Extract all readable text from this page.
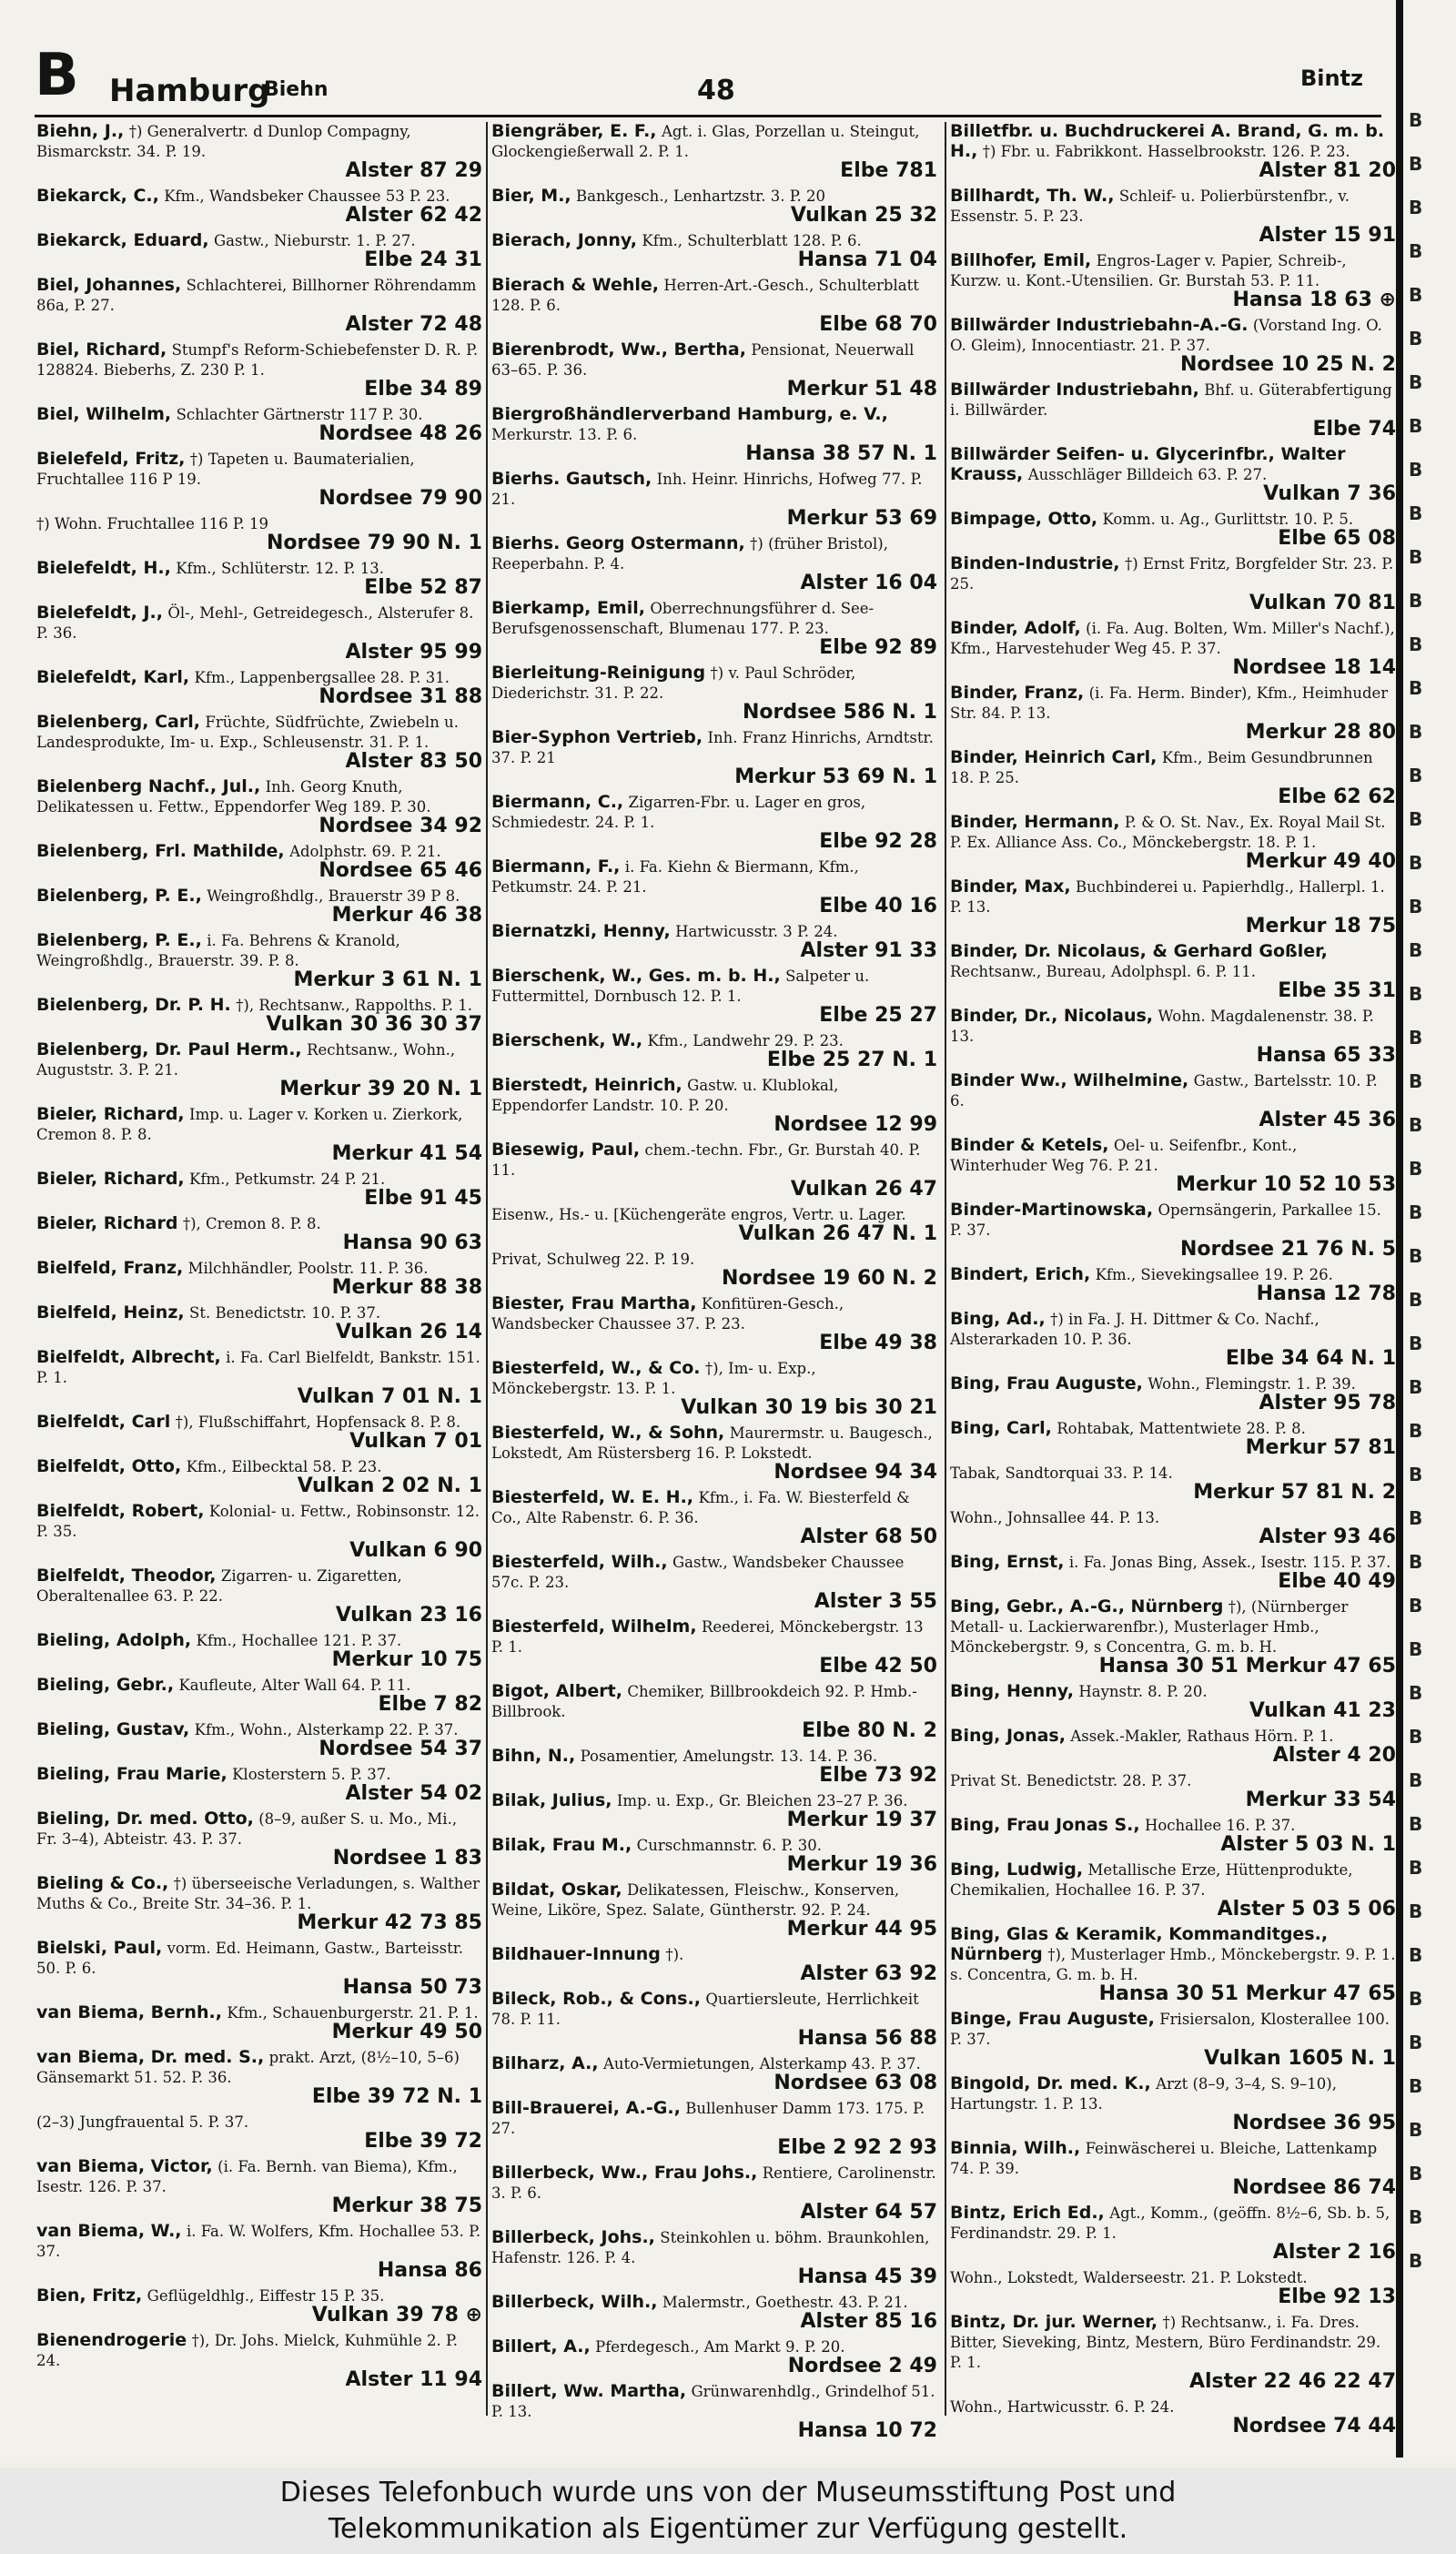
B Hamburg
Biehn	48	Bintz
Biehn, J., †) Generalvertr. d Dunlop Compagny, Bismarckstr. 34. P. 19.
Alster 87 29
Biekarck, C., Kfm., Wandsbeker Chaussee 53 P. 23.
Alster 62 42
Biekarck, Eduard, Gastw., Nieburstr. 1. P. 27.
Elbe 24 31
Biel, Johannes, Schlachterei, Billhorner Röhrendamm 86a, P. 27.
Alster 72 48
Biel, Richard, Stumpf's Reform-Schiebefenster D. R. P. 128824. Bieberhs, Z. 230 P. 1.
Elbe 34 89
Biel, Wilhelm, Schlachter Gärtnerstr 117 P. 30.
Nordsee 48 26
Bielefeld, Fritz, †) Tapeten u. Baumaterialien, Fruchtallee 116 P 19.
Nordsee 79 90
†) Wohn. Fruchtallee 116 P. 19
Nordsee 79 90 N. 1
Bielefeldt, H., Kfm., Schlüterstr. 12. P. 13.
Elbe 52 87
Bielefeldt, J., Öl-, Mehl-, Getreidegesch., Alsterufer 8. P. 36.
Alster 95 99
Bielefeldt, Karl, Kfm., Lappenbergsallee 28. P. 31.
Nordsee 31 88
Bielenberg, Carl, Früchte, Südfrüchte, Zwiebeln u. Landesprodukte, Im- u. Exp., Schleusenstr. 31. P. 1.
Alster 83 50
Bielenberg Nachf., Jul., Inh. Georg Knuth, Delikatessen u. Fettw., Eppendorfer Weg 189. P. 30.
Nordsee 34 92
Bielenberg, Frl. Mathilde, Adolphstr. 69. P. 21.
Nordsee 65 46
Bielenberg, P. E., Weingroßhdlg., Brauerstr 39 P 8.
Merkur 46 38
Bielenberg, P. E., i. Fa. Behrens & Kranold, Weingroßhdlg., Brauerstr. 39. P. 8.
Merkur 3 61 N. 1
Bielenberg, Dr. P. H. †), Rechtsanw., Rappolths. P. 1.
Vulkan 30 36 30 37
Bielenberg, Dr. Paul Herm., Rechtsanw., Wohn., Auguststr. 3. P. 21.
Merkur 39 20 N. 1
Bieler, Richard, Imp. u. Lager v. Korken u. Zierkork, Cremon 8. P. 8.
Merkur 41 54
Bieler, Richard, Kfm., Petkumstr. 24 P. 21.
Elbe 91 45
Bieler, Richard †), Cremon 8. P. 8.
Hansa 90 63
Bielfeld, Franz, Milchhändler, Poolstr. 11. P. 36.
Merkur 88 38
Bielfeld, Heinz, St. Benedictstr. 10. P. 37.
Vulkan 26 14
Bielfeldt, Albrecht, i. Fa. Carl Bielfeldt, Bankstr. 151. P. 1.
Vulkan 7 01 N. 1
Bielfeldt, Carl †), Flußschiffahrt, Hopfensack 8. P. 8.
Vulkan 7 01
Bielfeldt, Otto, Kfm., Eilbecktal 58. P. 23.
Vulkan 2 02 N. 1
Bielfeldt, Robert, Kolonial- u. Fettw., Robinsonstr. 12. P. 35.
Vulkan 6 90
Bielfeldt, Theodor, Zigarren- u. Zigaretten, Oberaltenallee 63. P. 22.
Vulkan 23 16
Bieling, Adolph, Kfm., Hochallee 121. P. 37.
Merkur 10 75
Bieling, Gebr., Kaufleute, Alter Wall 64. P. 11.
Elbe 7 82
Bieling, Gustav, Kfm., Wohn., Alsterkamp 22. P. 37.
Nordsee 54 37
Bieling, Frau Marie, Klosterstern 5. P. 37.
Alster 54 02
Bieling, Dr. med. Otto, (8–9, außer S. u. Mo., Mi., Fr. 3–4), Abteistr. 43. P. 37.
Nordsee 1 83
Bieling & Co., †) überseeische Verladungen, s. Walther Muths & Co., Breite Str. 34–36. P. 1.
Merkur 42 73 85
Bielski, Paul, vorm. Ed. Heimann, Gastw., Barteisstr. 50. P. 6.
Hansa 50 73
van Biema, Bernh., Kfm., Schauenburgerstr. 21. P. 1.
Merkur 49 50
van Biema, Dr. med. S., prakt. Arzt, (8½–10, 5–6) Gänsemarkt 51. 52. P. 36.
Elbe 39 72 N. 1
(2–3) Jungfrauental 5. P. 37.
Elbe 39 72
van Biema, Victor, (i. Fa. Bernh. van Biema), Kfm., Isestr. 126. P. 37.
Merkur 38 75
van Biema, W., i. Fa. W. Wolfers, Kfm. Hochallee 53. P. 37.
Hansa 86
Bien, Fritz, Geflügeldhlg., Eiffestr 15 P. 35.
Vulkan 39 78 ⊕
Bienendrogerie †), Dr. Johs. Mielck, Kuhmühle 2. P. 24.
Alster 11 94
Biengräber, E. F., Agt. i. Glas, Porzellan u. Steingut, Glockengießerwall 2. P. 1.
Elbe 781
Bier, M., Bankgesch., Lenhartzstr. 3. P. 20
Vulkan 25 32
Bierach, Jonny, Kfm., Schulterblatt 128. P. 6.
Hansa 71 04
Bierach & Wehle, Herren-Art.-Gesch., Schulterblatt 128. P. 6.
Elbe 68 70
Bierenbrodt, Ww., Bertha, Pensionat, Neuerwall 63–65. P. 36.
Merkur 51 48
Biergroßhändlerverband Hamburg, e. V., Merkurstr. 13. P. 6.
Hansa 38 57 N. 1
Bierhs. Gautsch, Inh. Heinr. Hinrichs, Hofweg 77. P. 21.
Merkur 53 69
Bierhs. Georg Ostermann, †) (früher Bristol), Reeperbahn. P. 4.
Alster 16 04
Bierkamp, Emil, Oberrechnungsführer d. See-Berufsgenossenschaft, Blumenau 177. P. 23.
Elbe 92 89
Bierleitung-Reinigung †) v. Paul Schröder, Diederichstr. 31. P. 22.
Nordsee 586 N. 1
Bier-Syphon Vertrieb, Inh. Franz Hinrichs, Arndtstr. 37. P. 21
Merkur 53 69 N. 1
Biermann, C., Zigarren-Fbr. u. Lager en gros, Schmiedestr. 24. P. 1.
Elbe 92 28
Biermann, F., i. Fa. Kiehn & Biermann, Kfm., Petkumstr. 24. P. 21.
Elbe 40 16
Biernatzki, Henny, Hartwicusstr. 3 P. 24.
Alster 91 33
Bierschenk, W., Ges. m. b. H., Salpeter u. Futtermittel, Dornbusch 12. P. 1.
Elbe 25 27
Bierschenk, W., Kfm., Landwehr 29. P. 23.
Elbe 25 27 N. 1
Bierstedt, Heinrich, Gastw. u. Klublokal, Eppendorfer Landstr. 10. P. 20.
Nordsee 12 99
Biesewig, Paul, chem.-techn. Fbr., Gr. Burstah 40. P. 11.
Vulkan 26 47
Eisenw., Hs.- u. [Küchengeräte engros, Vertr. u. Lager.
Vulkan 26 47 N. 1
Privat, Schulweg 22. P. 19.
Nordsee 19 60 N. 2
Biester, Frau Martha, Konfitüren-Gesch., Wandsbecker Chaussee 37. P. 23.
Elbe 49 38
Biesterfeld, W., & Co. †), Im- u. Exp., Mönckebergstr. 13. P. 1.
Vulkan 30 19 bis 30 21
Biesterfeld, W., & Sohn, Maurermstr. u. Baugesch., Lokstedt, Am Rüstersberg 16. P. Lokstedt.
Nordsee 94 34
Biesterfeld, W. E. H., Kfm., i. Fa. W. Biesterfeld & Co., Alte Rabenstr. 6. P. 36.
Alster 68 50
Biesterfeld, Wilh., Gastw., Wandsbeker Chaussee 57c. P. 23.
Alster 3 55
Biesterfeld, Wilhelm, Reederei, Mönckebergstr. 13 P. 1.
Elbe 42 50
Bigot, Albert, Chemiker, Billbrookdeich 92. P. Hmb.-Billbrook.
Elbe 80 N. 2
Bihn, N., Posamentier, Amelungstr. 13. 14. P. 36.
Elbe 73 92
Bilak, Julius, Imp. u. Exp., Gr. Bleichen 23–27 P. 36.
Merkur 19 37
Bilak, Frau M., Curschmannstr. 6. P. 30.
Merkur 19 36
Bildat, Oskar, Delikatessen, Fleischw., Konserven, Weine, Liköre, Spez. Salate, Güntherstr. 92. P. 24.
Merkur 44 95
Bildhauer-Innung †).
Alster 63 92
Bileck, Rob., & Cons., Quartiersleute, Herrlichkeit 78. P. 11.
Hansa 56 88
Bilharz, A., Auto-Vermietungen, Alsterkamp 43. P. 37.
Nordsee 63 08
Bill-Brauerei, A.-G., Bullenhuser Damm 173. 175. P. 27.
Elbe 2 92 2 93
Billerbeck, Ww., Frau Johs., Rentiere, Carolinenstr. 3. P. 6.
Alster 64 57
Billerbeck, Johs., Steinkohlen u. böhm. Braunkohlen, Hafenstr. 126. P. 4.
Hansa 45 39
Billerbeck, Wilh., Malermstr., Goethestr. 43. P. 21.
Alster 85 16
Billert, A., Pferdegesch., Am Markt 9. P. 20.
Nordsee 2 49
Billert, Ww. Martha, Grünwarenhdlg., Grindelhof 51. P. 13.
Hansa 10 72
Billetfbr. u. Buchdruckerei A. Brand, G. m. b. H., †) Fbr. u. Fabrikkont. Hasselbrookstr. 126. P. 23.
Alster 81 20
Billhardt, Th. W., Schleif- u. Polierbürstenfbr., v. Essenstr. 5. P. 23.
Alster 15 91
Billhofer, Emil, Engros-Lager v. Papier, Schreib-, Kurzw. u. Kont.-Utensilien. Gr. Burstah 53. P. 11.
Hansa 18 63 ⊕
Billwärder Industriebahn-A.-G. (Vorstand Ing. O. O. Gleim), Innocentiastr. 21. P. 37.
Nordsee 10 25 N. 2
Billwärder Industriebahn, Bhf. u. Güterabfertigung i. Billwärder.
Elbe 74
Billwärder Seifen- u. Glycerinfbr., Walter Krauss, Ausschläger Billdeich 63. P. 27.
Vulkan 7 36
Bimpage, Otto, Komm. u. Ag., Gurlittstr. 10. P. 5.
Elbe 65 08
Binden-Industrie, †) Ernst Fritz, Borgfelder Str. 23. P. 25.
Vulkan 70 81
Binder, Adolf, (i. Fa. Aug. Bolten, Wm. Miller's Nachf.), Kfm., Harvestehuder Weg 45. P. 37.
Nordsee 18 14
Binder, Franz, (i. Fa. Herm. Binder), Kfm., Heimhuder Str. 84. P. 13.
Merkur 28 80
Binder, Heinrich Carl, Kfm., Beim Gesundbrunnen 18. P. 25.
Elbe 62 62
Binder, Hermann, P. & O. St. Nav., Ex. Royal Mail St. P. Ex. Alliance Ass. Co., Mönckebergstr. 18. P. 1.
Merkur 49 40
Binder, Max, Buchbinderei u. Papierhdlg., Hallerpl. 1. P. 13.
Merkur 18 75
Binder, Dr. Nicolaus, & Gerhard Goßler, Rechtsanw., Bureau, Adolphspl. 6. P. 11.
Elbe 35 31
Binder, Dr., Nicolaus, Wohn. Magdalenenstr. 38. P. 13.
Hansa 65 33
Binder Ww., Wilhelmine, Gastw., Bartelsstr. 10. P. 6.
Alster 45 36
Binder & Ketels, Oel- u. Seifenfbr., Kont., Winterhuder Weg 76. P. 21.
Merkur 10 52 10 53
Binder-Martinowska, Opernsängerin, Parkallee 15. P. 37.
Nordsee 21 76 N. 5
Bindert, Erich, Kfm., Sievekingsallee 19. P. 26.
Hansa 12 78
Bing, Ad., †) in Fa. J. H. Dittmer & Co. Nachf., Alsterarkaden 10. P. 36.
Elbe 34 64 N. 1
Bing, Frau Auguste, Wohn., Flemingstr. 1. P. 39.
Alster 95 78
Bing, Carl, Rohtabak, Mattentwiete 28. P. 8.
Merkur 57 81
Tabak, Sandtorquai 33. P. 14.
Merkur 57 81 N. 2
Wohn., Johnsallee 44. P. 13.
Alster 93 46
Bing, Ernst, i. Fa. Jonas Bing, Assek., Isestr. 115. P. 37.
Elbe 40 49
Bing, Gebr., A.-G., Nürnberg †), (Nürnberger Metall- u. Lackierwarenfbr.), Musterlager Hmb., Mönckebergstr. 9, s Concentra, G. m. b. H.
Hansa 30 51 Merkur 47 65
Bing, Henny, Haynstr. 8. P. 20.
Vulkan 41 23
Bing, Jonas, Assek.-Makler, Rathaus Hörn. P. 1.
Alster 4 20
Privat St. Benedictstr. 28. P. 37.
Merkur 33 54
Bing, Frau Jonas S., Hochallee 16. P. 37.
Alster 5 03 N. 1
Bing, Ludwig, Metallische Erze, Hüttenprodukte, Chemikalien, Hochallee 16. P. 37.
Alster 5 03 5 06
Bing, Glas & Keramik, Kommanditges., Nürnberg †), Musterlager Hmb., Mönckebergstr. 9. P. 1. s. Concentra, G. m. b. H.
Hansa 30 51 Merkur 47 65
Binge, Frau Auguste, Frisiersalon, Klosterallee 100. P. 37.
Vulkan 1605 N. 1
Bingold, Dr. med. K., Arzt (8–9, 3–4, S. 9–10), Hartungstr. 1. P. 13.
Nordsee 36 95
Binnia, Wilh., Feinwäscherei u. Bleiche, Lattenkamp 74. P. 39.
Nordsee 86 74
Bintz, Erich Ed., Agt., Komm., (geöffn. 8½–6, Sb. b. 5, Ferdinandstr. 29. P. 1.
Alster 2 16
Wohn., Lokstedt, Walderseestr. 21. P. Lokstedt.
Elbe 92 13
Bintz, Dr. jur. Werner, †) Rechtsanw., i. Fa. Dres. Bitter, Sieveking, Bintz, Mestern, Büro Ferdinandstr. 29. P. 1.
Alster 22 46 22 47
Wohn., Hartwicusstr. 6. P. 24.
Nordsee 74 44
B
B
B
B
B
B
B
B
B
B
B
B
B
B
B
B
B
B
B
B
B
B
B
B
B
B
B
B
B
B
B
B
B
B
B
B
B
B
B
B
B
B
B
B
B
B
B
B
B
B
Dieses Telefonbuch wurde uns von der Museumsstiftung Post und
Telekommunikation als Eigentümer zur Verfügung gestellt.
